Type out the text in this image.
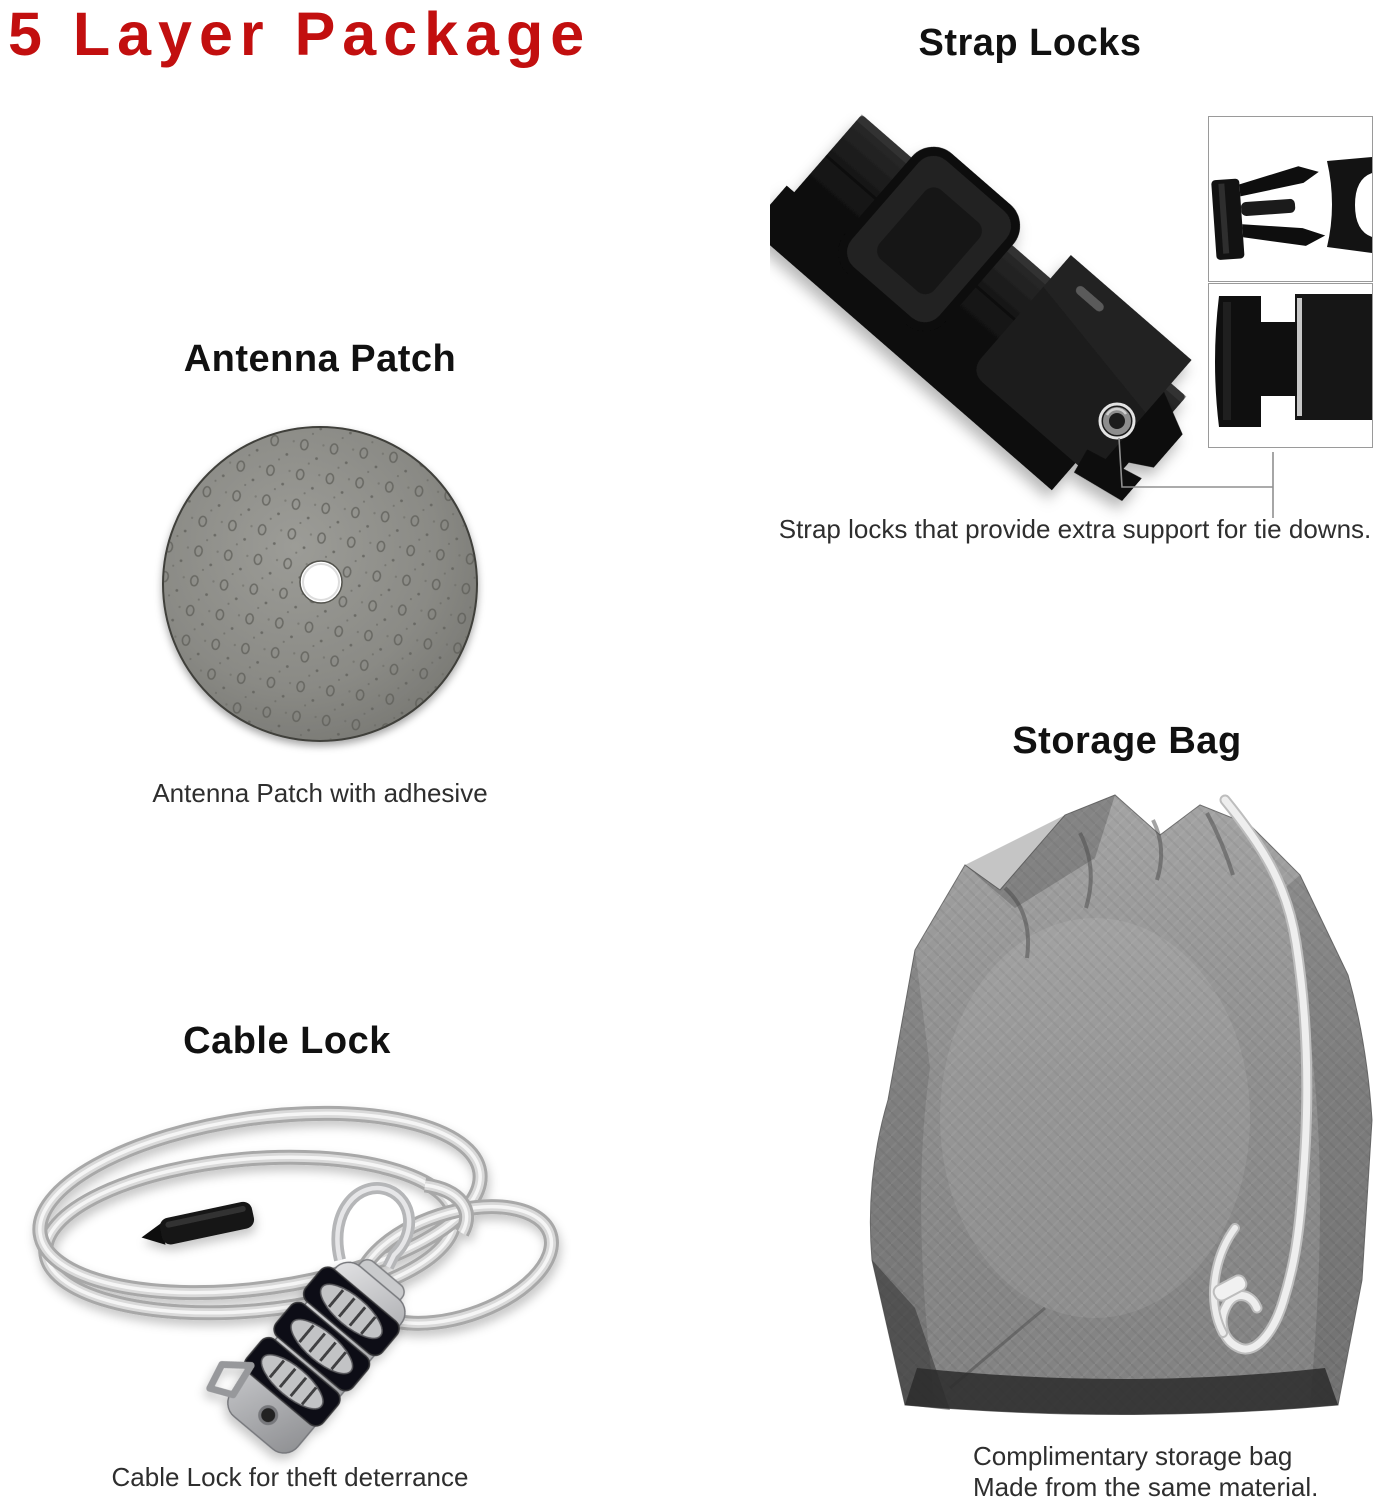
5 Layer Package	Strap Locks
Strap locks that provide extra support for tie downs.
Antenna Patch
Antenna Patch with adhesive
Storage Bag
Complimentary storage bag
Made from the same material.
Cable Lock
Cable Lock for theft deterrance
